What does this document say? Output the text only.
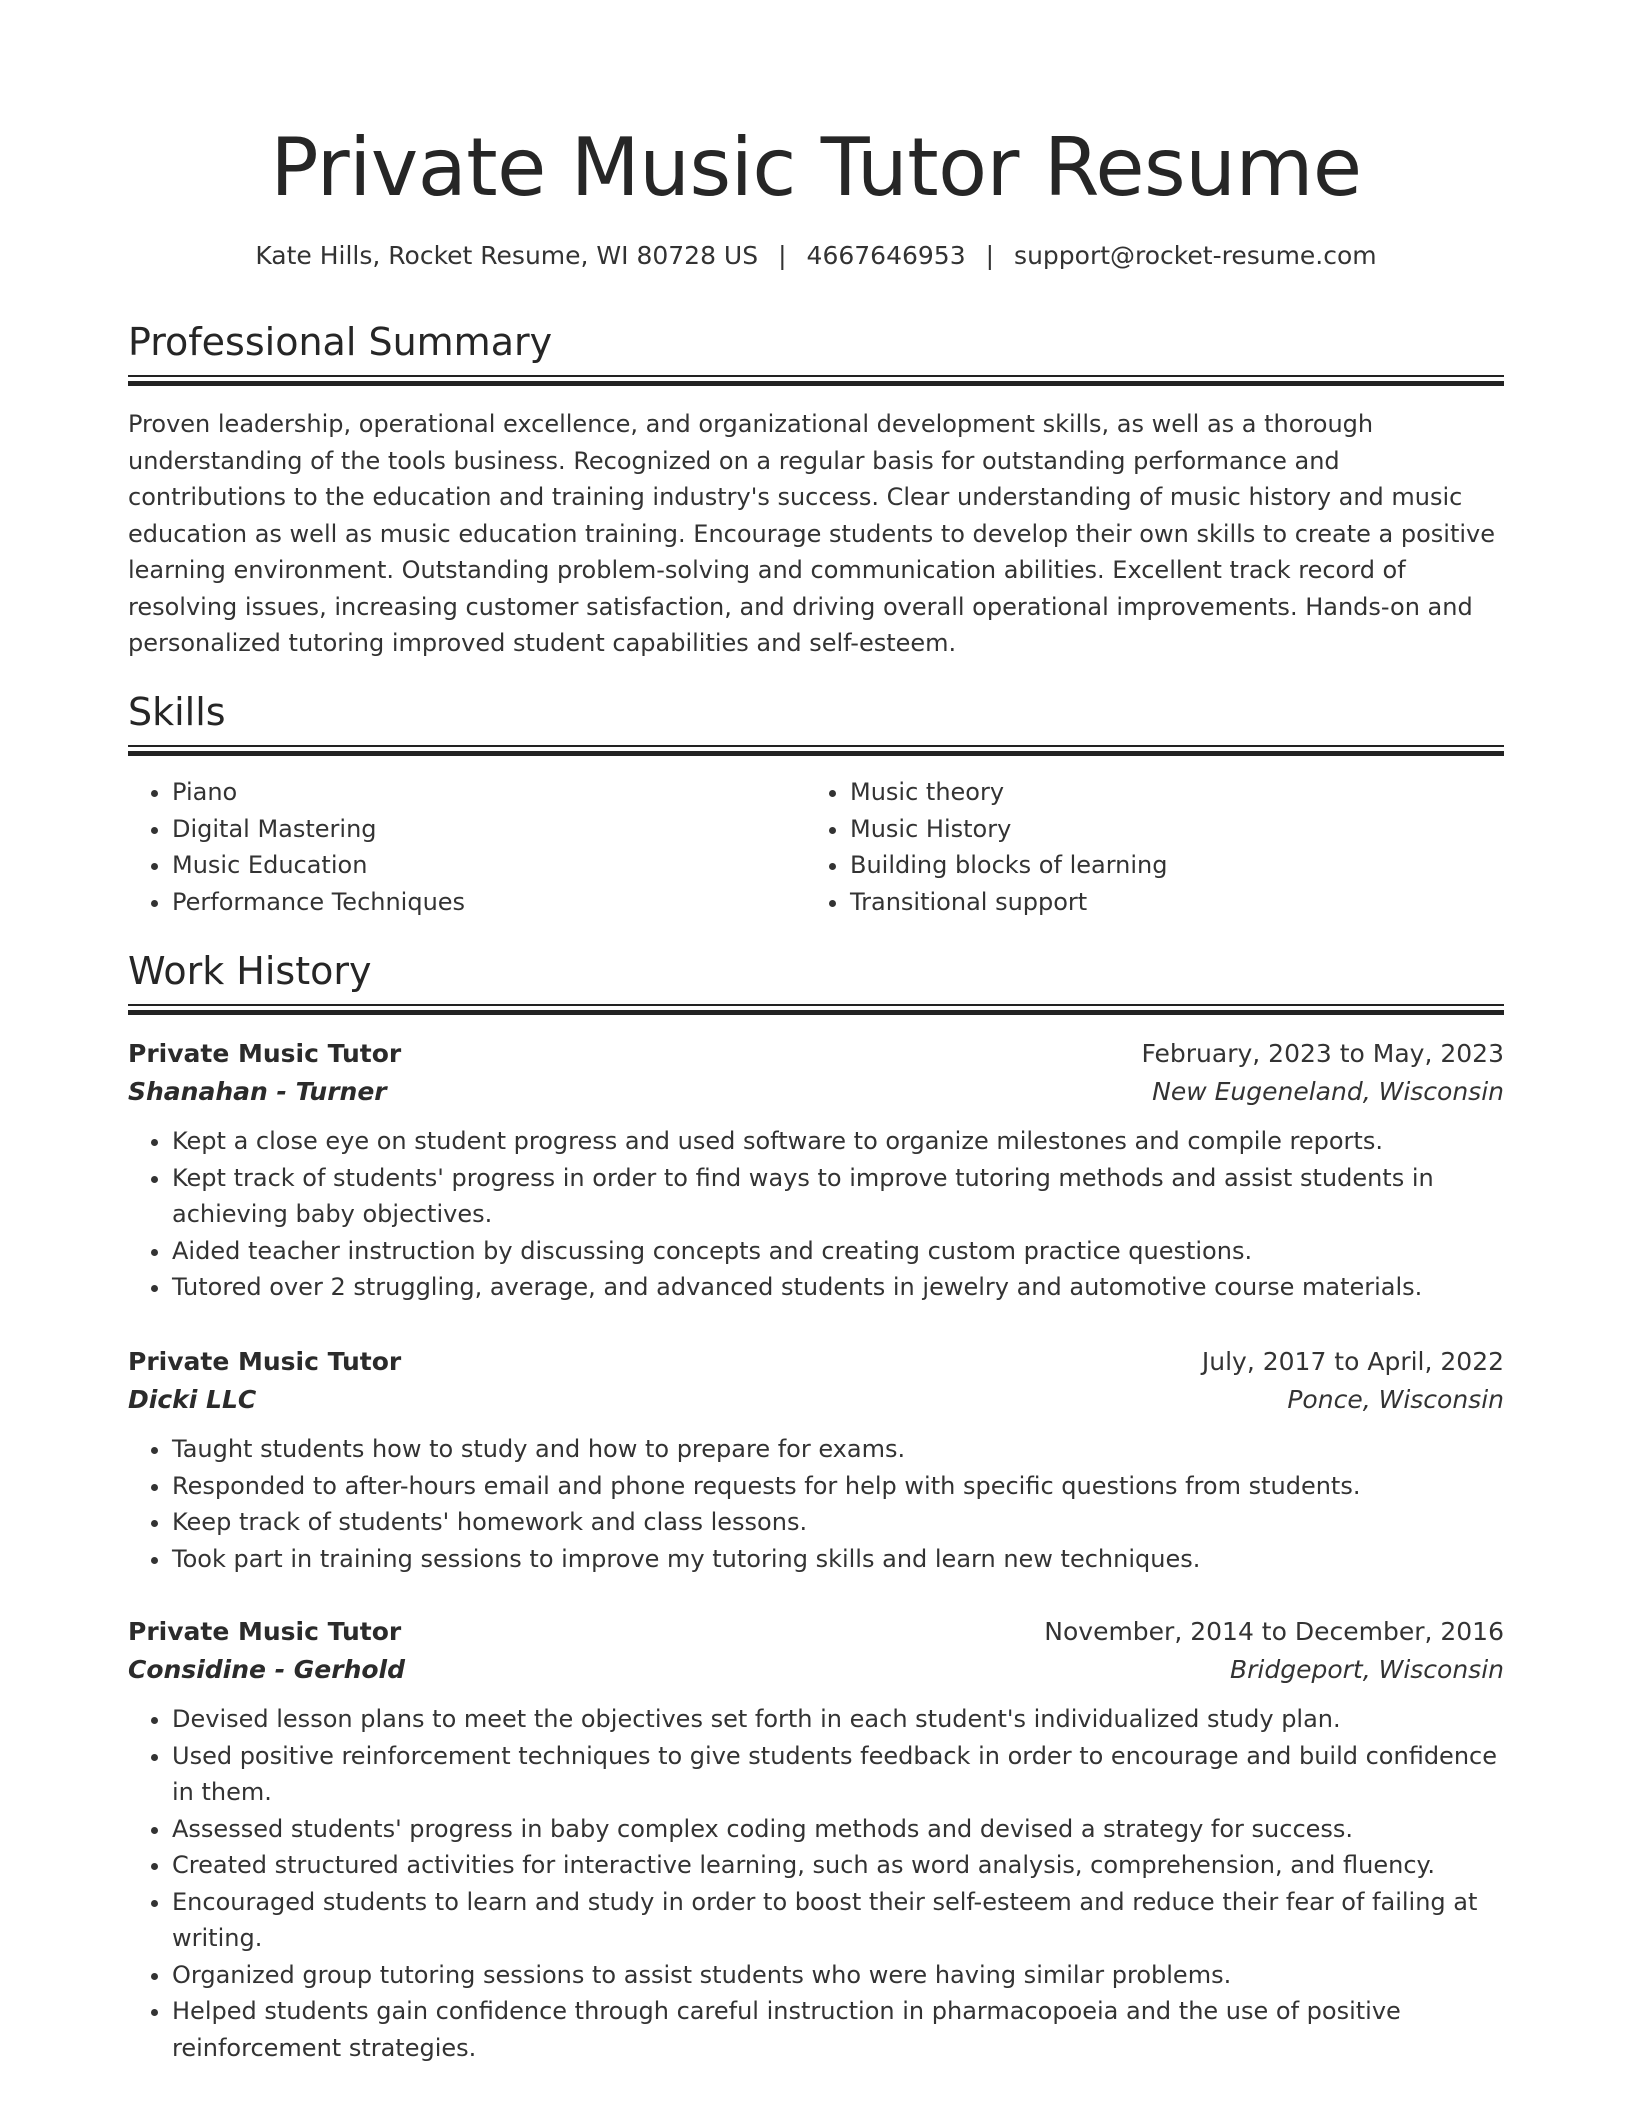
Private Music Tutor Resume
Kate Hills, Rocket Resume, WI 80728 US | 4667646953 | support@rocket-resume.com
Professional Summary

Proven leadership, operational excellence, and organizational development skills, as well as a thorough understanding of the tools business. Recognized on a regular basis for outstanding performance and contributions to the education and training industry's success. Clear understanding of music history and music education as well as music education training. Encourage students to develop their own skills to create a positive learning environment. Outstanding problem-solving and communication abilities. Excellent track record of resolving issues, increasing customer satisfaction, and driving overall operational improvements. Hands-on and personalized tutoring improved student capabilities and self-esteem.

Skills
• Piano
• Digital Mastering
• Music Education
• Performance Techniques
• Music theory
• Music History
• Building blocks of learning
• Transitional support
Work History
Private Music Tutor	February, 2023 to May, 2023
Shanahan - Turner	New Eugeneland, Wisconsin
• Kept a close eye on student progress and used software to organize milestones and compile reports.
• Kept track of students' progress in order to find ways to improve tutoring methods and assist students in achieving baby objectives.
• Aided teacher instruction by discussing concepts and creating custom practice questions.
• Tutored over 2 struggling, average, and advanced students in jewelry and automotive course materials.
Private Music Tutor	July, 2017 to April, 2022
Dicki LLC	Ponce, Wisconsin
• Taught students how to study and how to prepare for exams.
• Responded to after-hours email and phone requests for help with specific questions from students.
• Keep track of students' homework and class lessons.
• Took part in training sessions to improve my tutoring skills and learn new techniques.
Private Music Tutor	November, 2014 to December, 2016
Considine - Gerhold	Bridgeport, Wisconsin
• Devised lesson plans to meet the objectives set forth in each student's individualized study plan.
• Used positive reinforcement techniques to give students feedback in order to encourage and build confidence in them.
• Assessed students' progress in baby complex coding methods and devised a strategy for success.
• Created structured activities for interactive learning, such as word analysis, comprehension, and fluency.
• Encouraged students to learn and study in order to boost their self-esteem and reduce their fear of failing at writing.
• Organized group tutoring sessions to assist students who were having similar problems.
• Helped students gain confidence through careful instruction in pharmacopoeia and the use of positive reinforcement strategies.
